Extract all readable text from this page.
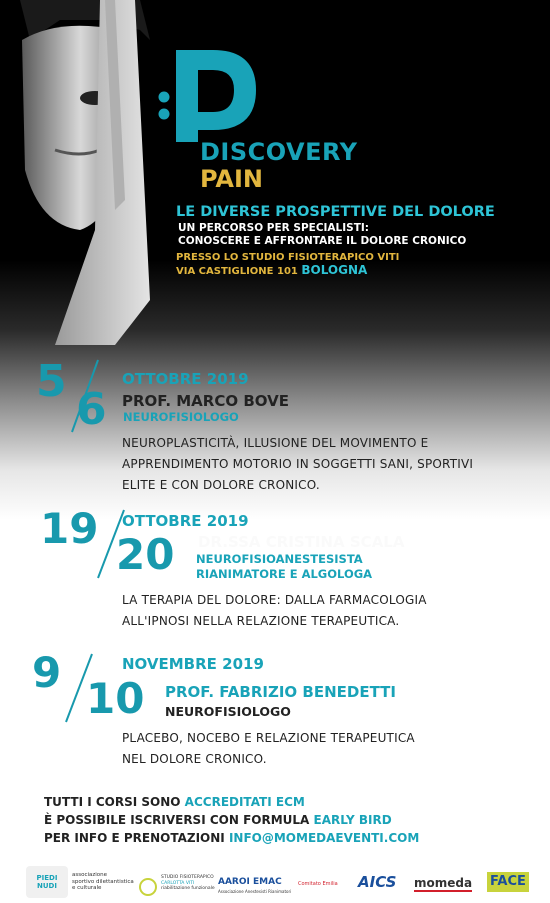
DISCOVERY
PAIN
LE DIVERSE PROSPETTIVE DEL DOLORE
UN PERCORSO PER SPECIALISTI:
CONOSCERE E AFFRONTARE IL DOLORE CRONICO
PRESSO LO STUDIO FISIOTERAPICO VITI
VIA CASTIGLIONE 101 BOLOGNA
5
6
OTTOBRE 2019
PROF. MARCO BOVE
NEUROFISIOLOGO
NEUROPLASTICITÀ, ILLUSIONE DEL MOVIMENTO E
APPRENDIMENTO MOTORIO IN SOGGETTI SANI, SPORTIVI
ELITE E CON DOLORE CRONICO.
19
20
OTTOBRE 2019
DR.SSA CRISTINA SCALA
NEUROFISIOANESTESISTA
RIANIMATORE E ALGOLOGA
LA TERAPIA DEL DOLORE: DALLA FARMACOLOGIA
ALL'IPNOSI NELLA RELAZIONE TERAPEUTICA.
9
10
NOVEMBRE 2019
PROF. FABRIZIO BENEDETTI
NEUROFISIOLOGO
PLACEBO, NOCEBO E RELAZIONE TERAPEUTICA
NEL DOLORE CRONICO.
TUTTI I CORSI SONO ACCREDITATI ECM
È POSSIBILE ISCRIVERSI CON FORMULA EARLY BIRD
PER INFO E PRENOTAZIONI INFO@MOMEDAEVENTI.COM
PIEDI NUDI
associazione
sportivo dilettantistica
e culturale
STUDIO FISIOTERAPICO
CARLOTTA VITI
riabilitazione funzionale
AAROI EMAC
Associazione Anestesisti Rianimatori
Comitato Emilia AICS momeda FACE
